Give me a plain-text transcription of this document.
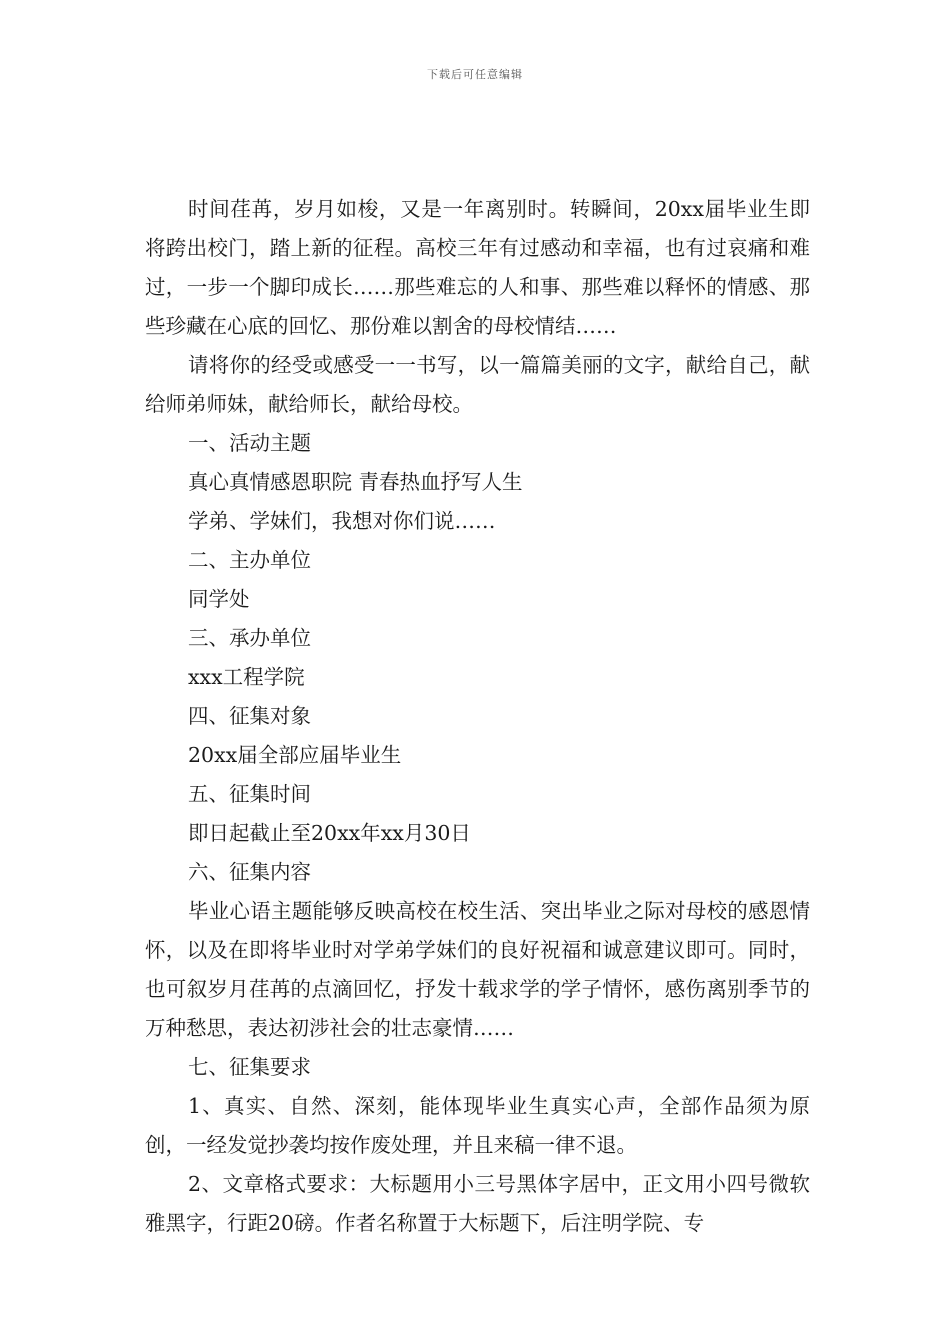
下载后可任意编辑

时间荏苒，岁月如梭，又是一年离别时。转瞬间，20xx届毕业生即将跨出校门，踏上新的征程。高校三年有过感动和幸福，也有过哀痛和难过，一步一个脚印成长……那些难忘的人和事、那些难以释怀的情感、那些珍藏在心底的回忆、那份难以割舍的母校情结……

请将你的经受或感受一一书写，以一篇篇美丽的文字，献给自己，献给师弟师妹，献给师长，献给母校。

一、活动主题

真心真情感恩职院 青春热血抒写人生

学弟、学妹们，我想对你们说……

二、主办单位

同学处

三、承办单位

xxx工程学院

四、征集对象

20xx届全部应届毕业生

五、征集时间

即日起截止至20xx年xx月30日

六、征集内容

毕业心语主题能够反映高校在校生活、突出毕业之际对母校的感恩情怀，以及在即将毕业时对学弟学妹们的良好祝福和诚意建议即可。同时，也可叙岁月荏苒的点滴回忆，抒发十载求学的学子情怀，感伤离别季节的万种愁思，表达初涉社会的壮志豪情……

七、征集要求

1、真实、自然、深刻，能体现毕业生真实心声，全部作品须为原创，一经发觉抄袭均按作废处理，并且来稿一律不退。

2、文章格式要求：大标题用小三号黑体字居中，正文用小四号微软雅黑字，行距20磅。作者名称置于大标题下，后注明学院、专
